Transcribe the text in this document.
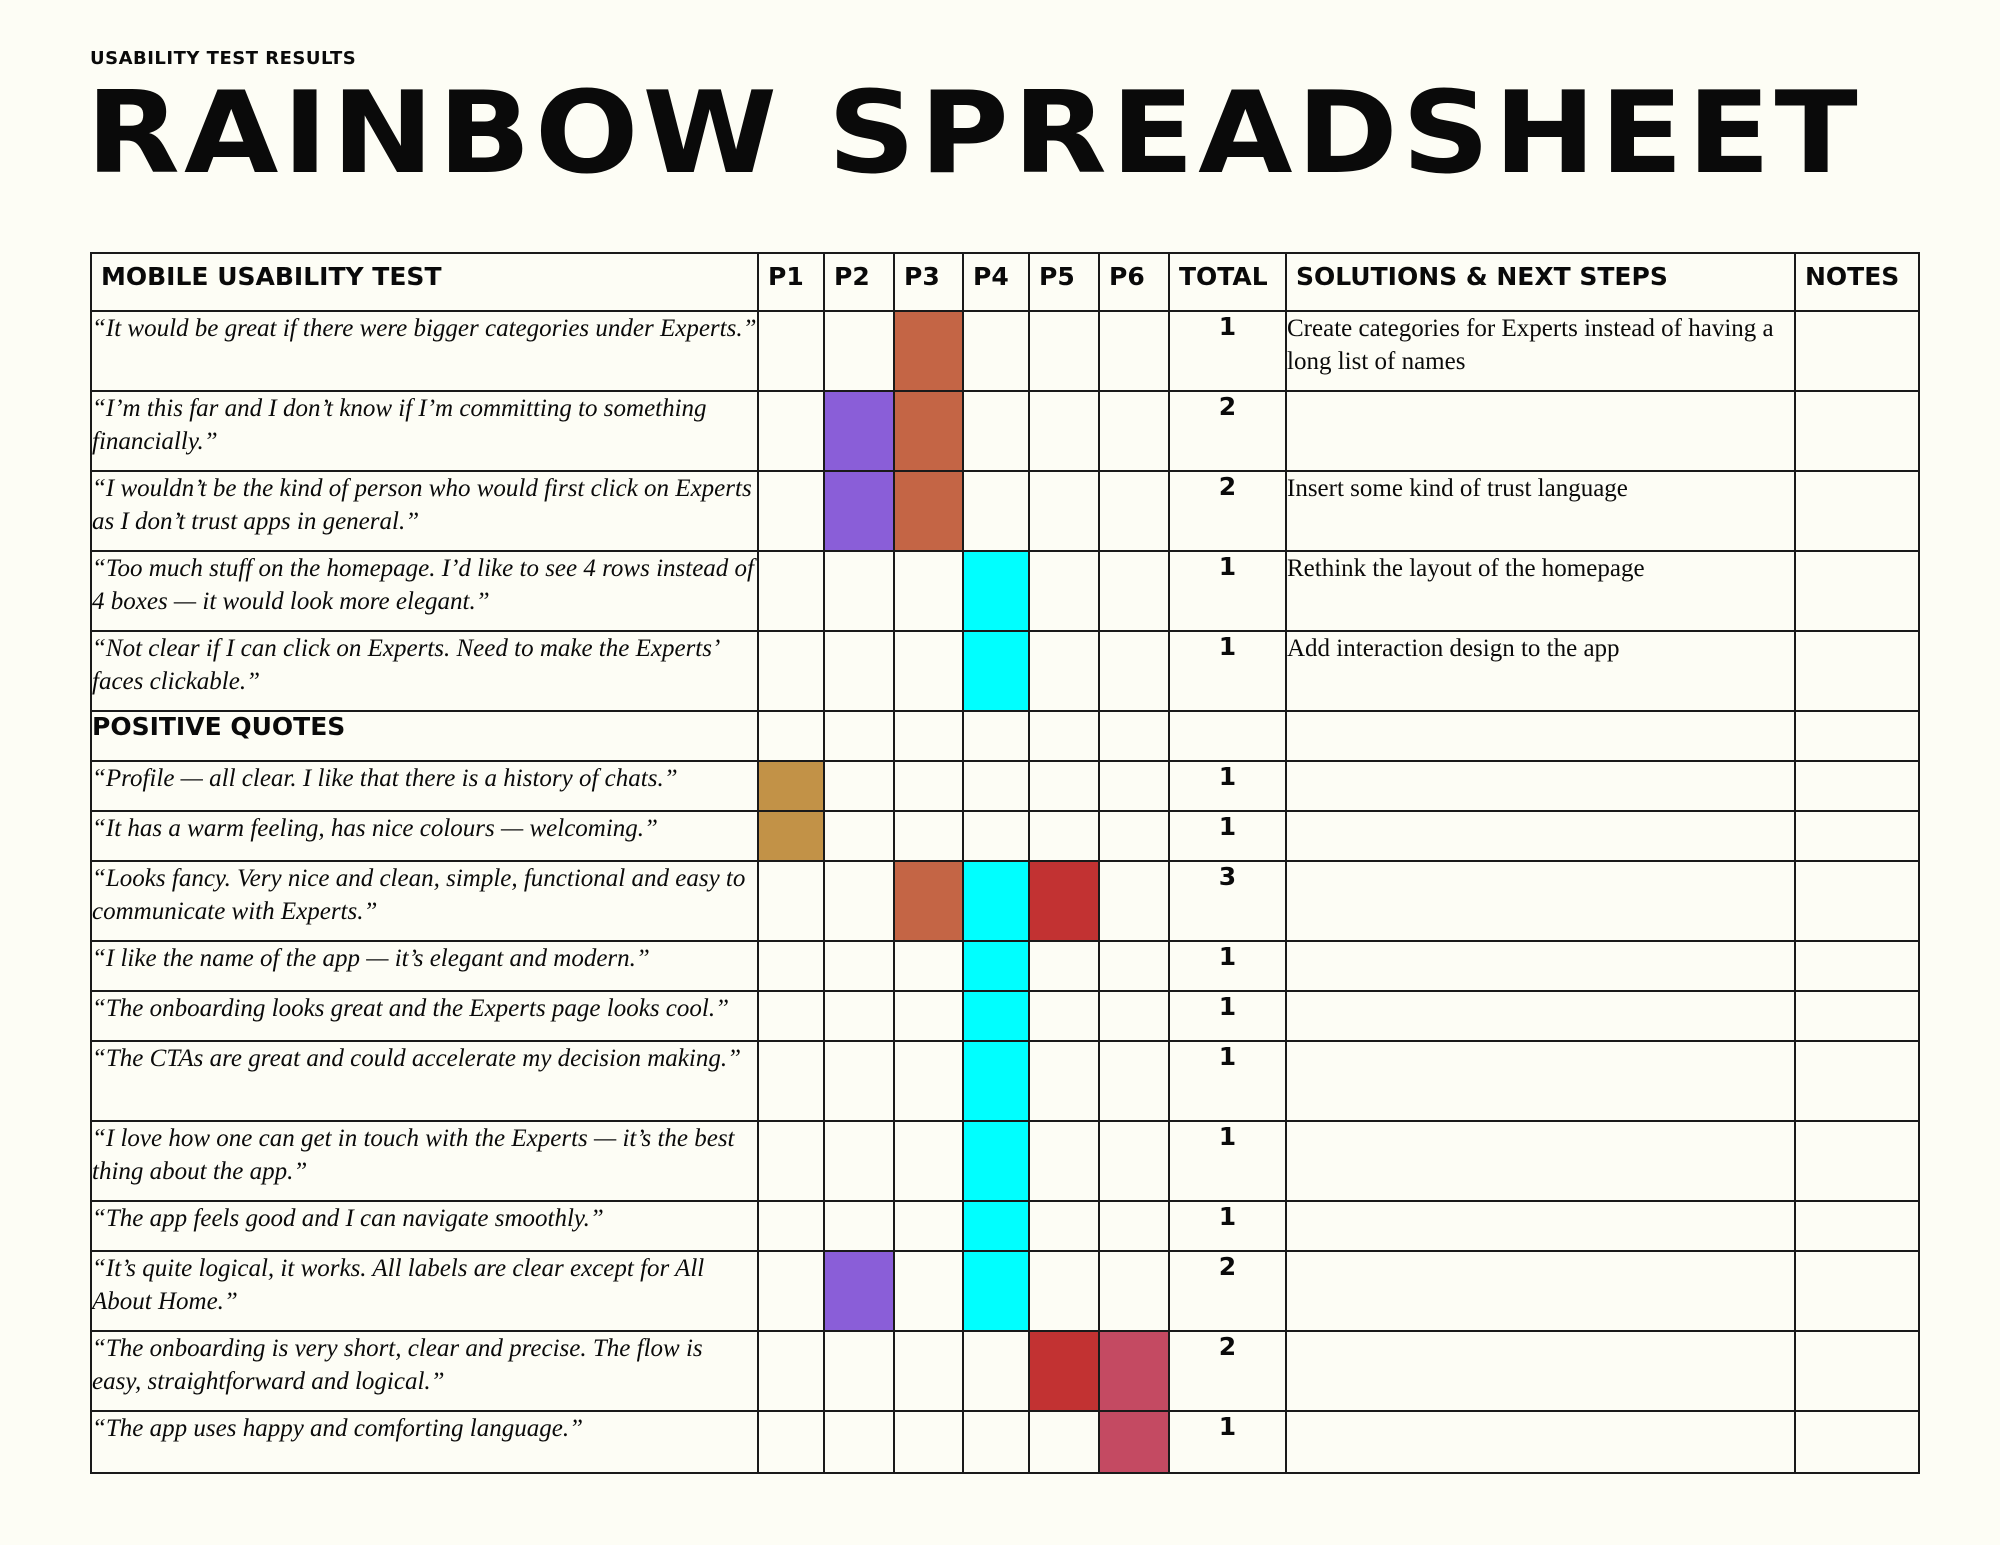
USABILITY TEST RESULTS

RAINBOW SPREADSHEET
MOBILE USABILITY TEST	P1	P2	P3	P4	P5	P6	TOTAL	SOLUTIONS & NEXT STEPS	NOTES
“It would be great if there were bigger categories under Experts.”							1	Create categories for Experts instead of having a long list of names	
“I’m this far and I don’t know if I’m committing to something financially.”							2		
“I wouldn’t be the kind of person who would first click on Experts as I don’t trust apps in general.”							2	Insert some kind of trust language	
“Too much stuff on the homepage. I’d like to see 4 rows instead of 4 boxes — it would look more elegant.”							1	Rethink the layout of the homepage	
“Not clear if I can click on Experts. Need to make the Experts’ faces clickable.”							1	Add interaction design to the app	
POSITIVE QUOTES									
“Profile — all clear. I like that there is a history of chats.”							1		
“It has a warm feeling, has nice colours — welcoming.”							1		
“Looks fancy. Very nice and clean, simple, functional and easy to communicate with Experts.”							3		
“I like the name of the app — it’s elegant and modern.”							1		
“The onboarding looks great and the Experts page looks cool.”							1		
“The CTAs are great and could accelerate my decision making.”							1		
“I love how one can get in touch with the Experts — it’s the best thing about the app.”							1		
“The app feels good and I can navigate smoothly.”							1		
“It’s quite logical, it works. All labels are clear except for All About Home.”							2		
“The onboarding is very short, clear and precise. The flow is easy, straightforward and logical.”							2		
“The app uses happy and comforting language.”							1		
